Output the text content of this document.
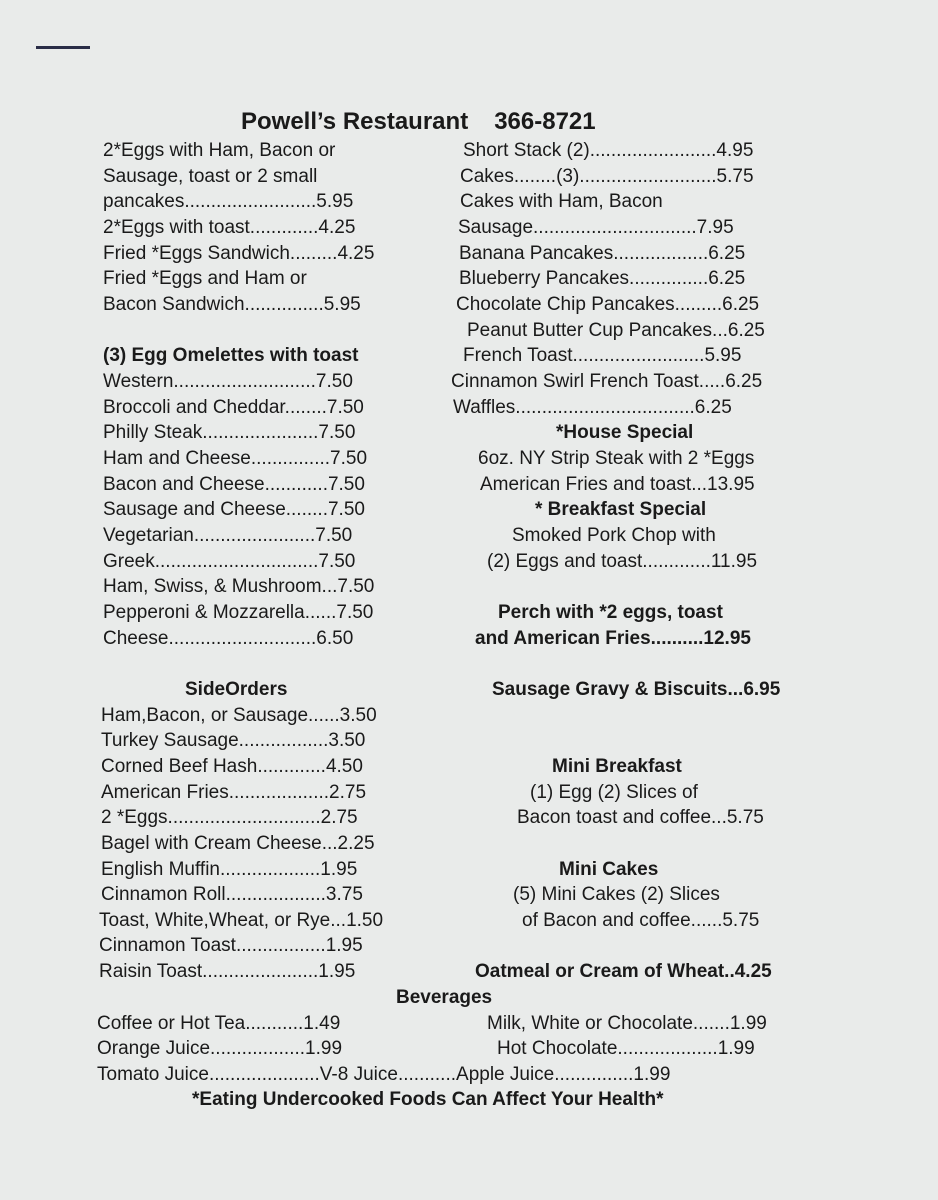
Powell’s Restaurant 366-8721
2*Eggs with Ham, Bacon or
Sausage, toast or 2 small
pancakes.........................5.95
2*Eggs with toast.............4.25
Fried *Eggs Sandwich.........4.25
Fried *Eggs and Ham or
Bacon Sandwich...............5.95
(3) Egg Omelettes with toast
Western...........................7.50
Broccoli and Cheddar........7.50
Philly Steak......................7.50
Ham and Cheese...............7.50
Bacon and Cheese............7.50
Sausage and Cheese........7.50
Vegetarian.......................7.50
Greek...............................7.50
Ham, Swiss, & Mushroom...7.50
Pepperoni & Mozzarella......7.50
Cheese............................6.50
SideOrders
Ham,Bacon, or Sausage......3.50
Turkey Sausage.................3.50
Corned Beef Hash.............4.50
American Fries...................2.75
2 *Eggs.............................2.75
Bagel with Cream Cheese...2.25
English Muffin...................1.95
Cinnamon Roll...................3.75
Toast, White,Wheat, or Rye...1.50
Cinnamon Toast.................1.95
Raisin Toast......................1.95
Short Stack (2)........................4.95
Cakes........(3)..........................5.75
Cakes with Ham, Bacon
Sausage...............................7.95
Banana Pancakes..................6.25
Blueberry Pancakes...............6.25
Chocolate Chip Pancakes.........6.25
Peanut Butter Cup Pancakes...6.25
French Toast.........................5.95
Cinnamon Swirl French Toast.....6.25
Waffles..................................6.25
*House Special
6oz. NY Strip Steak with 2 *Eggs
American Fries and toast...13.95
* Breakfast Special
Smoked Pork Chop with
(2) Eggs and toast.............11.95
Perch with *2 eggs, toast
and American Fries..........12.95
Sausage Gravy & Biscuits...6.95
Mini Breakfast
(1) Egg (2) Slices of
Bacon toast and coffee...5.75
Mini Cakes
(5) Mini Cakes (2) Slices
of Bacon and coffee......5.75
Oatmeal or Cream of Wheat..4.25
Beverages
Coffee or Hot Tea...........1.49	Milk, White or Chocolate.......1.99
Orange Juice..................1.99	Hot Chocolate...................1.99
Tomato Juice.....................V-8 Juice...........Apple Juice...............1.99
*Eating Undercooked Foods Can Affect Your Health*
